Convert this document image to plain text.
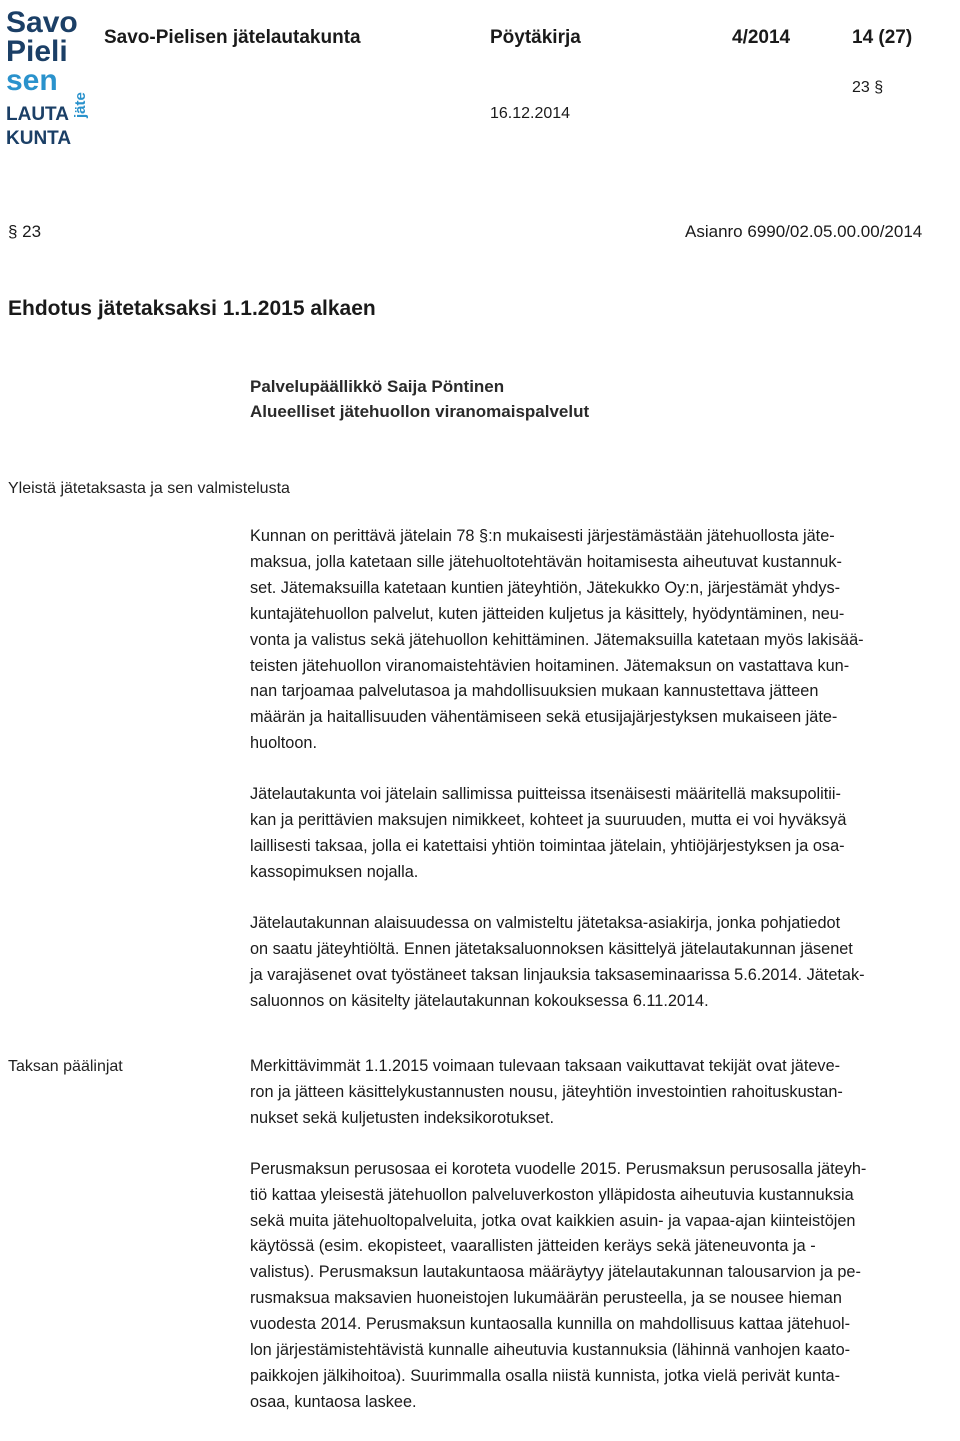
Savo
Pieli
sen
LAUTA
KUNTA
jäte
Savo-Pielisen jätelautakunta	Pöytäkirja	4/2014	14 (27)
23 §
16.12.2014
§ 23	Asianro 6990/02.05.00.00/2014
Ehdotus jätetaksaksi 1.1.2015 alkaen
Palvelupäällikkö Saija Pöntinen
Alueelliset jätehuollon viranomaispalvelut
Yleistä jätetaksasta ja sen valmistelusta

Kunnan on perittävä jätelain 78 §:n mukaisesti järjestämästään jätehuollosta jäte-
maksua, jolla katetaan sille jätehuoltotehtävän hoitamisesta aiheutuvat kustannuk-
set. Jätemaksuilla katetaan kuntien jäteyhtiön, Jätekukko Oy:n, järjestämät yhdys-
kuntajätehuollon palvelut, kuten jätteiden kuljetus ja käsittely, hyödyntäminen, neu-
vonta ja valistus sekä jätehuollon kehittäminen. Jätemaksuilla katetaan myös lakisää-
teisten jätehuollon viranomaistehtävien hoitaminen. Jätemaksun on vastattava kun-
nan tarjoamaa palvelutasoa ja mahdollisuuksien mukaan kannustettava jätteen
määrän ja haitallisuuden vähentämiseen sekä etusijajärjestyksen mukaiseen jäte-
huoltoon.

Jätelautakunta voi jätelain sallimissa puitteissa itsenäisesti määritellä maksupolitii-
kan ja perittävien maksujen nimikkeet, kohteet ja suuruuden, mutta ei voi hyväksyä
laillisesti taksaa, jolla ei katettaisi yhtiön toimintaa jätelain, yhtiöjärjestyksen ja osa-
kassopimuksen nojalla.

Jätelautakunnan alaisuudessa on valmisteltu jätetaksa-asiakirja, jonka pohjatiedot
on saatu jäteyhtiöltä. Ennen jätetaksaluonnoksen käsittelyä jätelautakunnan jäsenet
ja varajäsenet ovat työstäneet taksan linjauksia taksaseminaarissa 5.6.2014. Jätetak-
saluonnos on käsitelty jätelautakunnan kokouksessa 6.11.2014.

Taksan päälinjat	Merkittävimmät 1.1.2015 voimaan tulevaan taksaan vaikuttavat tekijät ovat jäteve-
ron ja jätteen käsittelykustannusten nousu, jäteyhtiön investointien rahoituskustan-
nukset sekä kuljetusten indeksikorotukset.

Perusmaksun perusosaa ei koroteta vuodelle 2015. Perusmaksun perusosalla jäteyh-
tiö kattaa yleisestä jätehuollon palveluverkoston ylläpidosta aiheutuvia kustannuksia
sekä muita jätehuoltopalveluita, jotka ovat kaikkien asuin- ja vapaa-ajan kiinteistöjen
käytössä (esim. ekopisteet, vaarallisten jätteiden keräys sekä jäteneuvonta ja -
valistus). Perusmaksun lautakuntaosa määräytyy jätelautakunnan talousarvion ja pe-
rusmaksua maksavien huoneistojen lukumäärän perusteella, ja se nousee hieman
vuodesta 2014. Perusmaksun kuntaosalla kunnilla on mahdollisuus kattaa jätehuol-
lon järjestämistehtävistä kunnalle aiheutuvia kustannuksia (lähinnä vanhojen kaato-
paikkojen jälkihoitoa). Suurimmalla osalla niistä kunnista, jotka vielä perivät kunta-
osaa, kuntaosa laskee.
